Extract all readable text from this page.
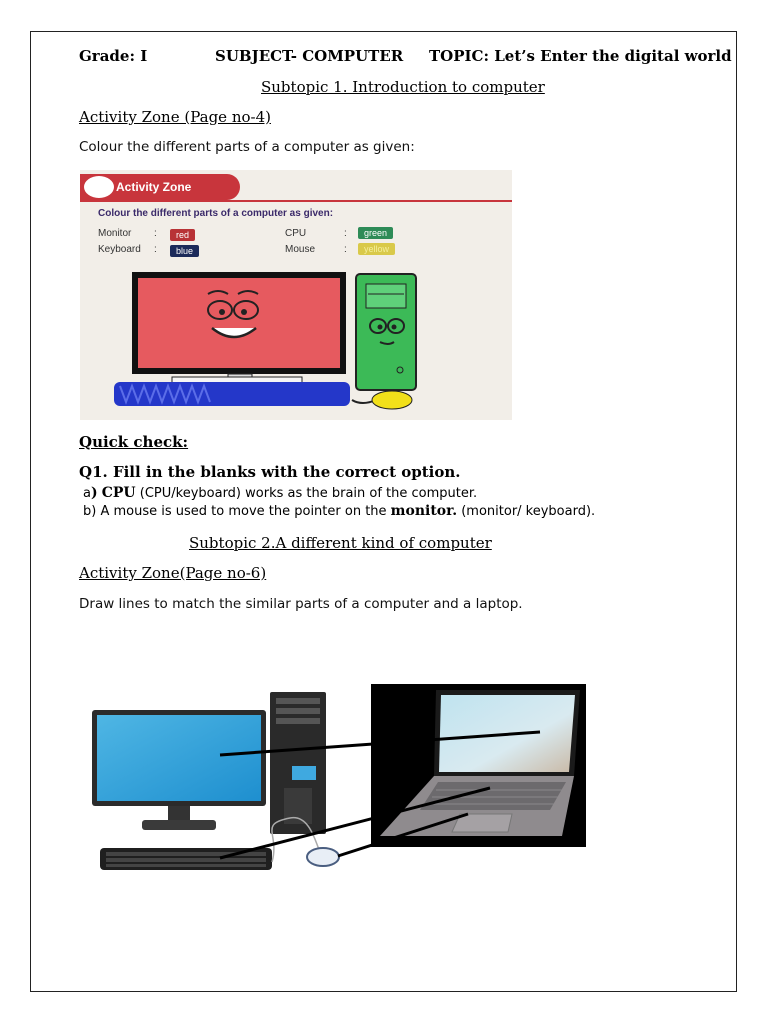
Grade: I	SUBJECT- COMPUTER TOPIC: Let’s Enter the digital world
Subtopic 1. Introduction to computer
Activity Zone (Page no-4)
Colour the different parts of a computer as given:
Activity Zone
Colour the different parts of a computer as given:
Monitor :	red
Keyboard :	blue
CPU	:	green
Mouse	:	yellow
Quick check:
Q1. Fill in the blanks with the correct option.
a) CPU (CPU/keyboard) works as the brain of the computer.
b) A mouse is used to move the pointer on the monitor. (monitor/ keyboard).
Subtopic 2.A different kind of computer
Activity Zone(Page no-6)
Draw lines to match the similar parts of a computer and a laptop.
